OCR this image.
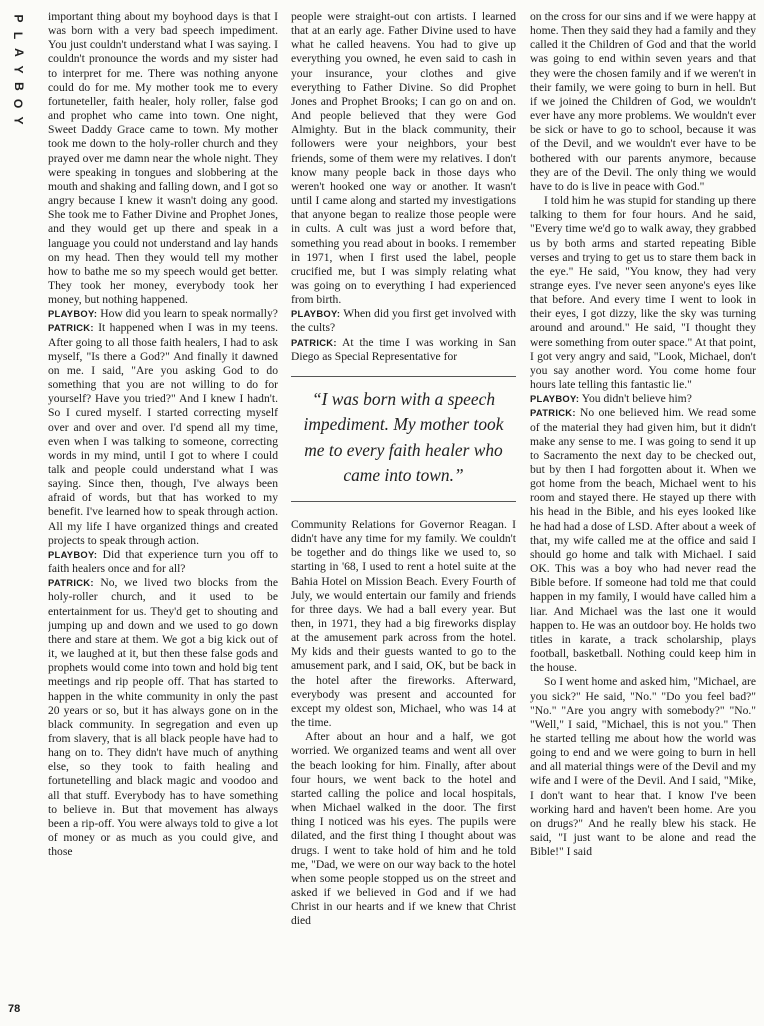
P
L
A
Y
B
O
Y

important thing about my boyhood days is that I was born with a very bad speech impediment. You just couldn't understand what I was saying. I couldn't pronounce the words and my sister had to interpret for me. There was nothing anyone could do for me. My mother took me to every fortuneteller, faith healer, holy roller, false god and prophet who came into town. One night, Sweet Daddy Grace came to town. My mother took me down to the holy-roller church and they prayed over me damn near the whole night. They were speaking in tongues and slobbering at the mouth and shaking and falling down, and I got so angry because I knew it wasn't doing any good. She took me to Father Divine and Prophet Jones, and they would get up there and speak in a language you could not understand and lay hands on my head. Then they would tell my mother how to bathe me so my speech would get better. They took her money, everybody took her money, but nothing happened.

PLAYBOY: How did you learn to speak normally?

PATRICK: It happened when I was in my teens. After going to all those faith healers, I had to ask myself, "Is there a God?" And finally it dawned on me. I said, "Are you asking God to do something that you are not willing to do for yourself? Have you tried?" And I knew I hadn't. So I cured myself. I started correcting myself over and over and over. I'd spend all my time, even when I was talking to someone, correcting words in my mind, until I got to where I could talk and people could understand what I was saying. Since then, though, I've always been afraid of words, but that has worked to my benefit. I've learned how to speak through action. All my life I have organized things and created projects to speak through action.

PLAYBOY: Did that experience turn you off to faith healers once and for all?

PATRICK: No, we lived two blocks from the holy-roller church, and it used to be entertainment for us. They'd get to shouting and jumping up and down and we used to go down there and stare at them. We got a big kick out of it, we laughed at it, but then these false gods and prophets would come into town and hold big tent meetings and rip people off. That has started to happen in the white community in only the past 20 years or so, but it has always gone on in the black community. In segregation and even up from slavery, that is all black people have had to hang on to. They didn't have much of anything else, so they took to faith healing and fortunetelling and black magic and voodoo and all that stuff. Everybody has to have something to believe in. But that movement has always been a rip-off. You were always told to give a lot of money or as much as you could give, and those

people were straight-out con artists. I learned that at an early age. Father Divine used to have what he called heavens. You had to give up everything you owned, he even said to cash in your insurance, your clothes and give everything to Father Divine. So did Prophet Jones and Prophet Brooks; I can go on and on. And people believed that they were God Almighty. But in the black community, their followers were your neighbors, your best friends, some of them were my relatives. I don't know many people back in those days who weren't hooked one way or another. It wasn't until I came along and started my investigations that anyone began to realize those people were in cults. A cult was just a word before that, something you read about in books. I remember in 1971, when I first used the label, people crucified me, but I was simply relating what was going on to everything I had experienced from birth.

PLAYBOY: When did you first get involved with the cults?

PATRICK: At the time I was working in San Diego as Special Representative for

“I was born with a speech impediment. My mother took me to every faith healer who came into town.”

Community Relations for Governor Reagan. I didn't have any time for my family. We couldn't be together and do things like we used to, so starting in '68, I used to rent a hotel suite at the Bahia Hotel on Mission Beach. Every Fourth of July, we would entertain our family and friends for three days. We had a ball every year. But then, in 1971, they had a big fireworks display at the amusement park across from the hotel. My kids and their guests wanted to go to the amusement park, and I said, OK, but be back in the hotel after the fireworks. Afterward, everybody was present and accounted for except my oldest son, Michael, who was 14 at the time.

After about an hour and a half, we got worried. We organized teams and went all over the beach looking for him. Finally, after about four hours, we went back to the hotel and started calling the police and local hospitals, when Michael walked in the door. The first thing I noticed was his eyes. The pupils were dilated, and the first thing I thought about was drugs. I went to take hold of him and he told me, "Dad, we were on our way back to the hotel when some people stopped us on the street and asked if we believed in God and if we had Christ in our hearts and if we knew that Christ died

on the cross for our sins and if we were happy at home. Then they said they had a family and they called it the Children of God and that the world was going to end within seven years and that they were the chosen family and if we weren't in their family, we were going to burn in hell. But if we joined the Children of God, we wouldn't ever have any more problems. We wouldn't ever be sick or have to go to school, because it was of the Devil, and we wouldn't ever have to be bothered with our parents anymore, because they are of the Devil. The only thing we would have to do is live in peace with God."

I told him he was stupid for standing up there talking to them for four hours. And he said, "Every time we'd go to walk away, they grabbed us by both arms and started repeating Bible verses and trying to get us to stare them back in the eye." He said, "You know, they had very strange eyes. I've never seen anyone's eyes like that before. And every time I went to look in their eyes, I got dizzy, like the sky was turning around and around." He said, "I thought they were something from outer space." At that point, I got very angry and said, "Look, Michael, don't you say another word. You come home four hours late telling this fantastic lie."

PLAYBOY: You didn't believe him?

PATRICK: No one believed him. We read some of the material they had given him, but it didn't make any sense to me. I was going to send it up to Sacramento the next day to be checked out, but by then I had forgotten about it. When we got home from the beach, Michael went to his room and stayed there. He stayed up there with his head in the Bible, and his eyes looked like he had had a dose of LSD. After about a week of that, my wife called me at the office and said I should go home and talk with Michael. I said OK. This was a boy who had never read the Bible before. If someone had told me that could happen in my family, I would have called him a liar. And Michael was the last one it would happen to. He was an outdoor boy. He holds two titles in karate, a track scholarship, plays football, basketball. Nothing could keep him in the house.

So I went home and asked him, "Michael, are you sick?" He said, "No." "Do you feel bad?" "No." "Are you angry with somebody?" "No." "Well," I said, "Michael, this is not you." Then he started telling me about how the world was going to end and we were going to burn in hell and all material things were of the Devil and my wife and I were of the Devil. And I said, "Mike, I don't want to hear that. I know I've been working hard and haven't been home. Are you on drugs?" And he really blew his stack. He said, "I just want to be alone and read the Bible!" I said

78
